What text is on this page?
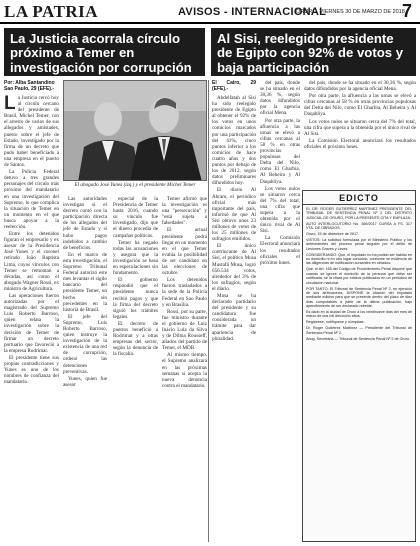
LA PATRIA	AVISOS - INTERNACIONAL
ORURO, VIERNES 30 DE MARZO DE 2018
7
La Justicia acorrala círculo próximo a Temer en investigación por corrupción
Al Sisi, reelegido presidente de Egipto con 92% de votos y baja participación
Por: Alba Santandino
Sao Paulo, 29 (EFE).-
L a Justicia cercó hoy al círculo cercano del presidente de Brasil, Michel Temer, con el arresto de varios de sus allegados y amistades, puesto sobre el jefe de Estado, investigado por la firma de un decreto que pudo haber beneficiado a una empresa en el puerto de Santos.

La Policía Federal detuvo a tres grandes personajes del círculo más próximo del mandatario en una investigación del Supremo, lo que complica la situación de Temer en un momento en el que busca apoyar a la reelección.

Entre los detenidos figuran el empresario y ex asesor de la Presidencia José Yunes y el coronel retirado João Baptista Lima, cuyos vínculos con Temer se remontan a décadas, así como el abogado Wagner Rossi, ex ministro de Agricultura.

Las operaciones fueron autorizadas por el magistrado del Supremo Luís Roberto Barroso, quien relata la investigación sobre la decisión de Temer de firmar un decreto portuario que favoreció a la empresa Rodrimar.

El presidente tiene sus propias contradicciones y Yunes es uno de los nombres de confianza del mandatario.

El abogado José Yunes (izq.) y el presidente Michel Temer

Las autoridades investigan si el decreto contó con la participación directa de los allegados del jefe de Estado y si hubo pagos indebidos a cambio de beneficios.

En el marco de esta investigación, el Supremo Tribunal Federal autorizó este mes levantar el sigilo bancario del presidente Temer, un hecho sin precedentes en la historia de Brasil.

El jefe del Supremo, Luís Roberto Barroso, quien instruye la investigación de la existencia de una red de corrupción, ordenó las detenciones preventivas.

Yunes, quien fue asesor

especial de la Presidencia de Temer hasta 2016, cuando su vínculo fue investigado, dijo que el dinero procedía de campañas políticas.

Temer ha negado todas las acusaciones y asegura que la investigación se basa en especulaciones sin fundamento.

El gobierno respondió que el presidente nunca recibió pagos y que la firma del decreto siguió los trámites legales.

El decreto de puertos benefició a Rodrimar y a otras empresas del sector, según la denuncia de la fiscalía.

Temer afirmó que la investigación es una "persecución" y "está sujeta a falsedades".

El actual presidente podrá llegar en un momento en el que Temer evalúa la posibilidad de ser candidato en las elecciones de octubre.

Los detenidos fueron trasladados a la sede de la Policía Federal en Sao Paulo y en Brasilia.

Rossi, por su parte, fue ministro durante el gobierno de Luiz Inácio Lula da Silva y de Dilma Rousseff, aliados del partido de Temer, el MDB.

Al mismo tiempo, el Supremo analizará en las próximas semanas si acepta la nueva denuncia contra el mandatario.

El Cairo, 29 (EFE).-

Abdelfatah al Sisi ha sido reelegido presidente de Egipto al obtener el 92% de los votos en unos comicios marcados por una participación del 41%, cinco puntos inferior a los comicios de hace cuatro años y dos puntos por debajo de los de 2012, según datos preliminares difundidos hoy.

El diario Al Ahram, el periódico oficial más importante del país, informó de que Al Sisi obtuvo unos 23 millones de votos de los 25 millones de sufragios emitidos.

El único contrincante de Al Sisi, el político Musa Mustafá Musa, logró 656.534 votos, alrededor del 3% de los sufragios, según el diario.

Musa se ha declarado partidario del presidente y su candidatura fue considerada un trámite para dar apariencia de pluralidad.

del país, donde se ha situado en el 30,36 %, según datos difundidos por la agencia oficial Mena.

Por otra parte, la afluencia a las urnas se elevó a cifras cercanas al 58 % en otras provincias populosas del Delta del Nilo, como El Gharbia, Al Beheira y Al Daqahliya.

Los votos nulos se situaron cerca del 7% del total, una cifra que supera a la obtenida por el único rival de Al Sisi.

La Comisión Electoral anunciará los resultados oficiales el próximo lunes.

del país, donde se ha situado en el 30,36 %, según datos difundidos por la agencia oficial Mena.

Por otra parte, la afluencia a las urnas se elevó a cifras cercanas al 58 % en otras provincias populosas del Delta del Nilo, como El Gharbia, Al Beheira y Al Daqahliya.

Los votos nulos se situaron cerca del 7% del total, una cifra que supera a la obtenida por el único rival de Al Sisi.

La Comisión Electoral anunciará los resultados oficiales el próximo lunes.

EDICTO

EL DR. ROGER GUTIERREZ MARTINEZ PRESIDENTE DEL TRIBUNAL DE SENTENCIA PENAL Nº 2 DEL DISTRITO JUDICIAL DE ORURO, POR LA PRESENTE CITA Y EMPLAZA:

AUTO INTERLOCUTORIO No. 369/2017 CURSA A FS. 317 VTA. DE OBRADOS.

Oruro, 15 de diciembre de 2017.

VISTOS: La solicitud formulada por el Ministerio Público y los antecedentes del proceso penal seguido por el delito de Lesiones Graves y Leves.

CONSIDERANDO: Que, el imputado no ha podido ser habido en su domicilio ni en otro lugar conocido, conforme se evidencia de las diligencias de notificación cursantes en obrados.

Que, el Art. 165 del Código de Procedimiento Penal dispone que cuando se ignore el domicilio de la persona que deba ser notificada, se la citará por edictos publicados en un periódico de circulación nacional.

POR TANTO: El Tribunal de Sentencia Penal Nº 2, en ejercicio de sus atribuciones, DISPONE la citación del imputado mediante edictos para que se presente dentro del plazo de diez días computables a partir de la última publicación, bajo apercibimiento de ser declarado rebelde.

Es dado en la ciudad de Oruro a los veintinueve días del mes de marzo de dos mil dieciocho años.

Regístrese, notifíquese y cúmplase.

Dr. Roger Gutiérrez Martínez — Presidente del Tribunal de Sentencia Penal Nº 2.

Abog. Secretaria — Tribunal de Sentencia Penal Nº 2 de Oruro.
